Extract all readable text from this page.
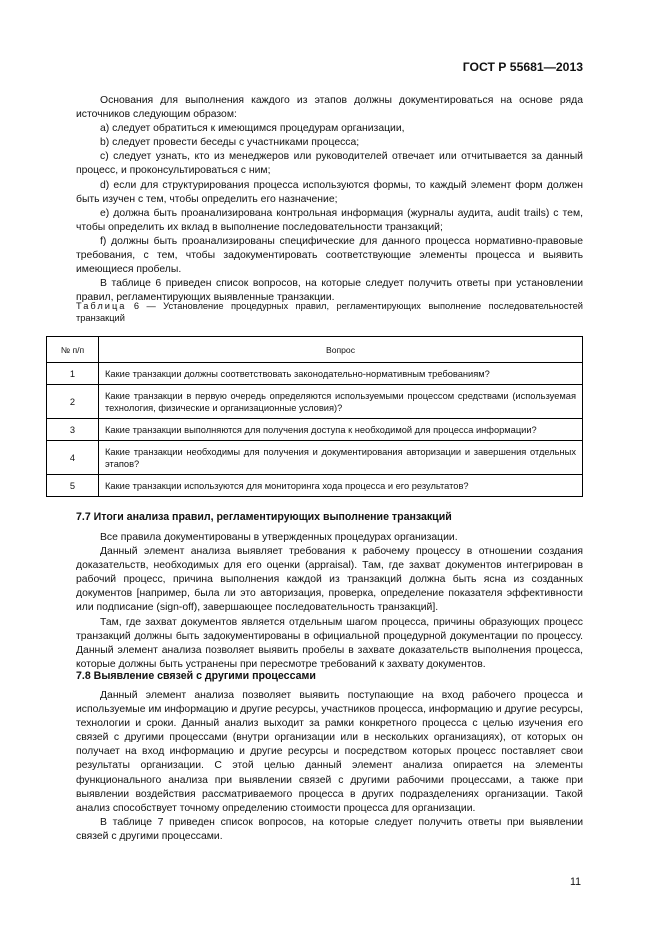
ГОСТ Р 55681—2013

Основания для выполнения каждого из этапов должны документироваться на основе ряда источников следующим образом:

а) следует обратиться к имеющимся процедурам организации,

b) следует провести беседы с участниками процесса;

c) следует узнать, кто из менеджеров или руководителей отвечает или отчитывается за данный процесс, и проконсультироваться с ним;

d) если для структурирования процесса используются формы, то каждый элемент форм должен быть изучен с тем, чтобы определить его назначение;

e) должна быть проанализирована контрольная информация (журналы аудита, audit trails) с тем, чтобы определить их вклад в выполнение последовательности транзакций;

f) должны быть проанализированы специфические для данного процесса нормативно-правовые требования, с тем, чтобы задокументировать соответствующие элементы процесса и выявить имеющиеся пробелы.

В таблице 6 приведен список вопросов, на которые следует получить ответы при установлении правил, регламентирующих выявленные транзакции.

Таблица 6 — Установление процедурных правил, регламентирующих выполнение последовательностей транзакций
№ п/п	Вопрос
1	Какие транзакции должны соответствовать законодательно-нормативным требованиям?
2	Какие транзакции в первую очередь определяются используемыми процессом средствами (используемая технология, физические и организационные условия)?
3	Какие транзакции выполняются для получения доступа к необходимой для процесса информации?
4	Какие транзакции необходимы для получения и документирования авторизации и завершения отдельных этапов?
5	Какие транзакции используются для мониторинга хода процесса и его результатов?
7.7 Итоги анализа правил, регламентирующих выполнение транзакций

Все правила документированы в утвержденных процедурах организации.

Данный элемент анализа выявляет требования к рабочему процессу в отношении создания доказательств, необходимых для его оценки (appraisal). Там, где захват документов интегрирован в рабочий процесс, причина выполнения каждой из транзакций должна быть ясна из созданных документов [например, была ли это авторизация, проверка, определение показателя эффективности или подписание (sign-off), завершающее последовательность транзакций].

Там, где захват документов является отдельным шагом процесса, причины образующих процесс транзакций должны быть задокументированы в официальной процедурной документации по процессу. Данный элемент анализа позволяет выявить пробелы в захвате доказательств выполнения процесса, которые должны быть устранены при пересмотре требований к захвату документов.

7.8 Выявление связей с другими процессами

Данный элемент анализа позволяет выявить поступающие на вход рабочего процесса и используемые им информацию и другие ресурсы, участников процесса, информацию и другие ресурсы, технологии и сроки. Данный анализ выходит за рамки конкретного процесса с целью изучения его связей с другими процессами (внутри организации или в нескольких организациях), от которых он получает на вход информацию и другие ресурсы и посредством которых процесс поставляет свои результаты организации. С этой целью данный элемент анализа опирается на элементы функционального анализа при выявлении связей с другими рабочими процессами, а также при выявлении воздействия рассматриваемого процесса в других подразделениях организации. Такой анализ способствует точному определению стоимости процесса для организации.

В таблице 7 приведен список вопросов, на которые следует получить ответы при выявлении связей с другими процессами.

11
